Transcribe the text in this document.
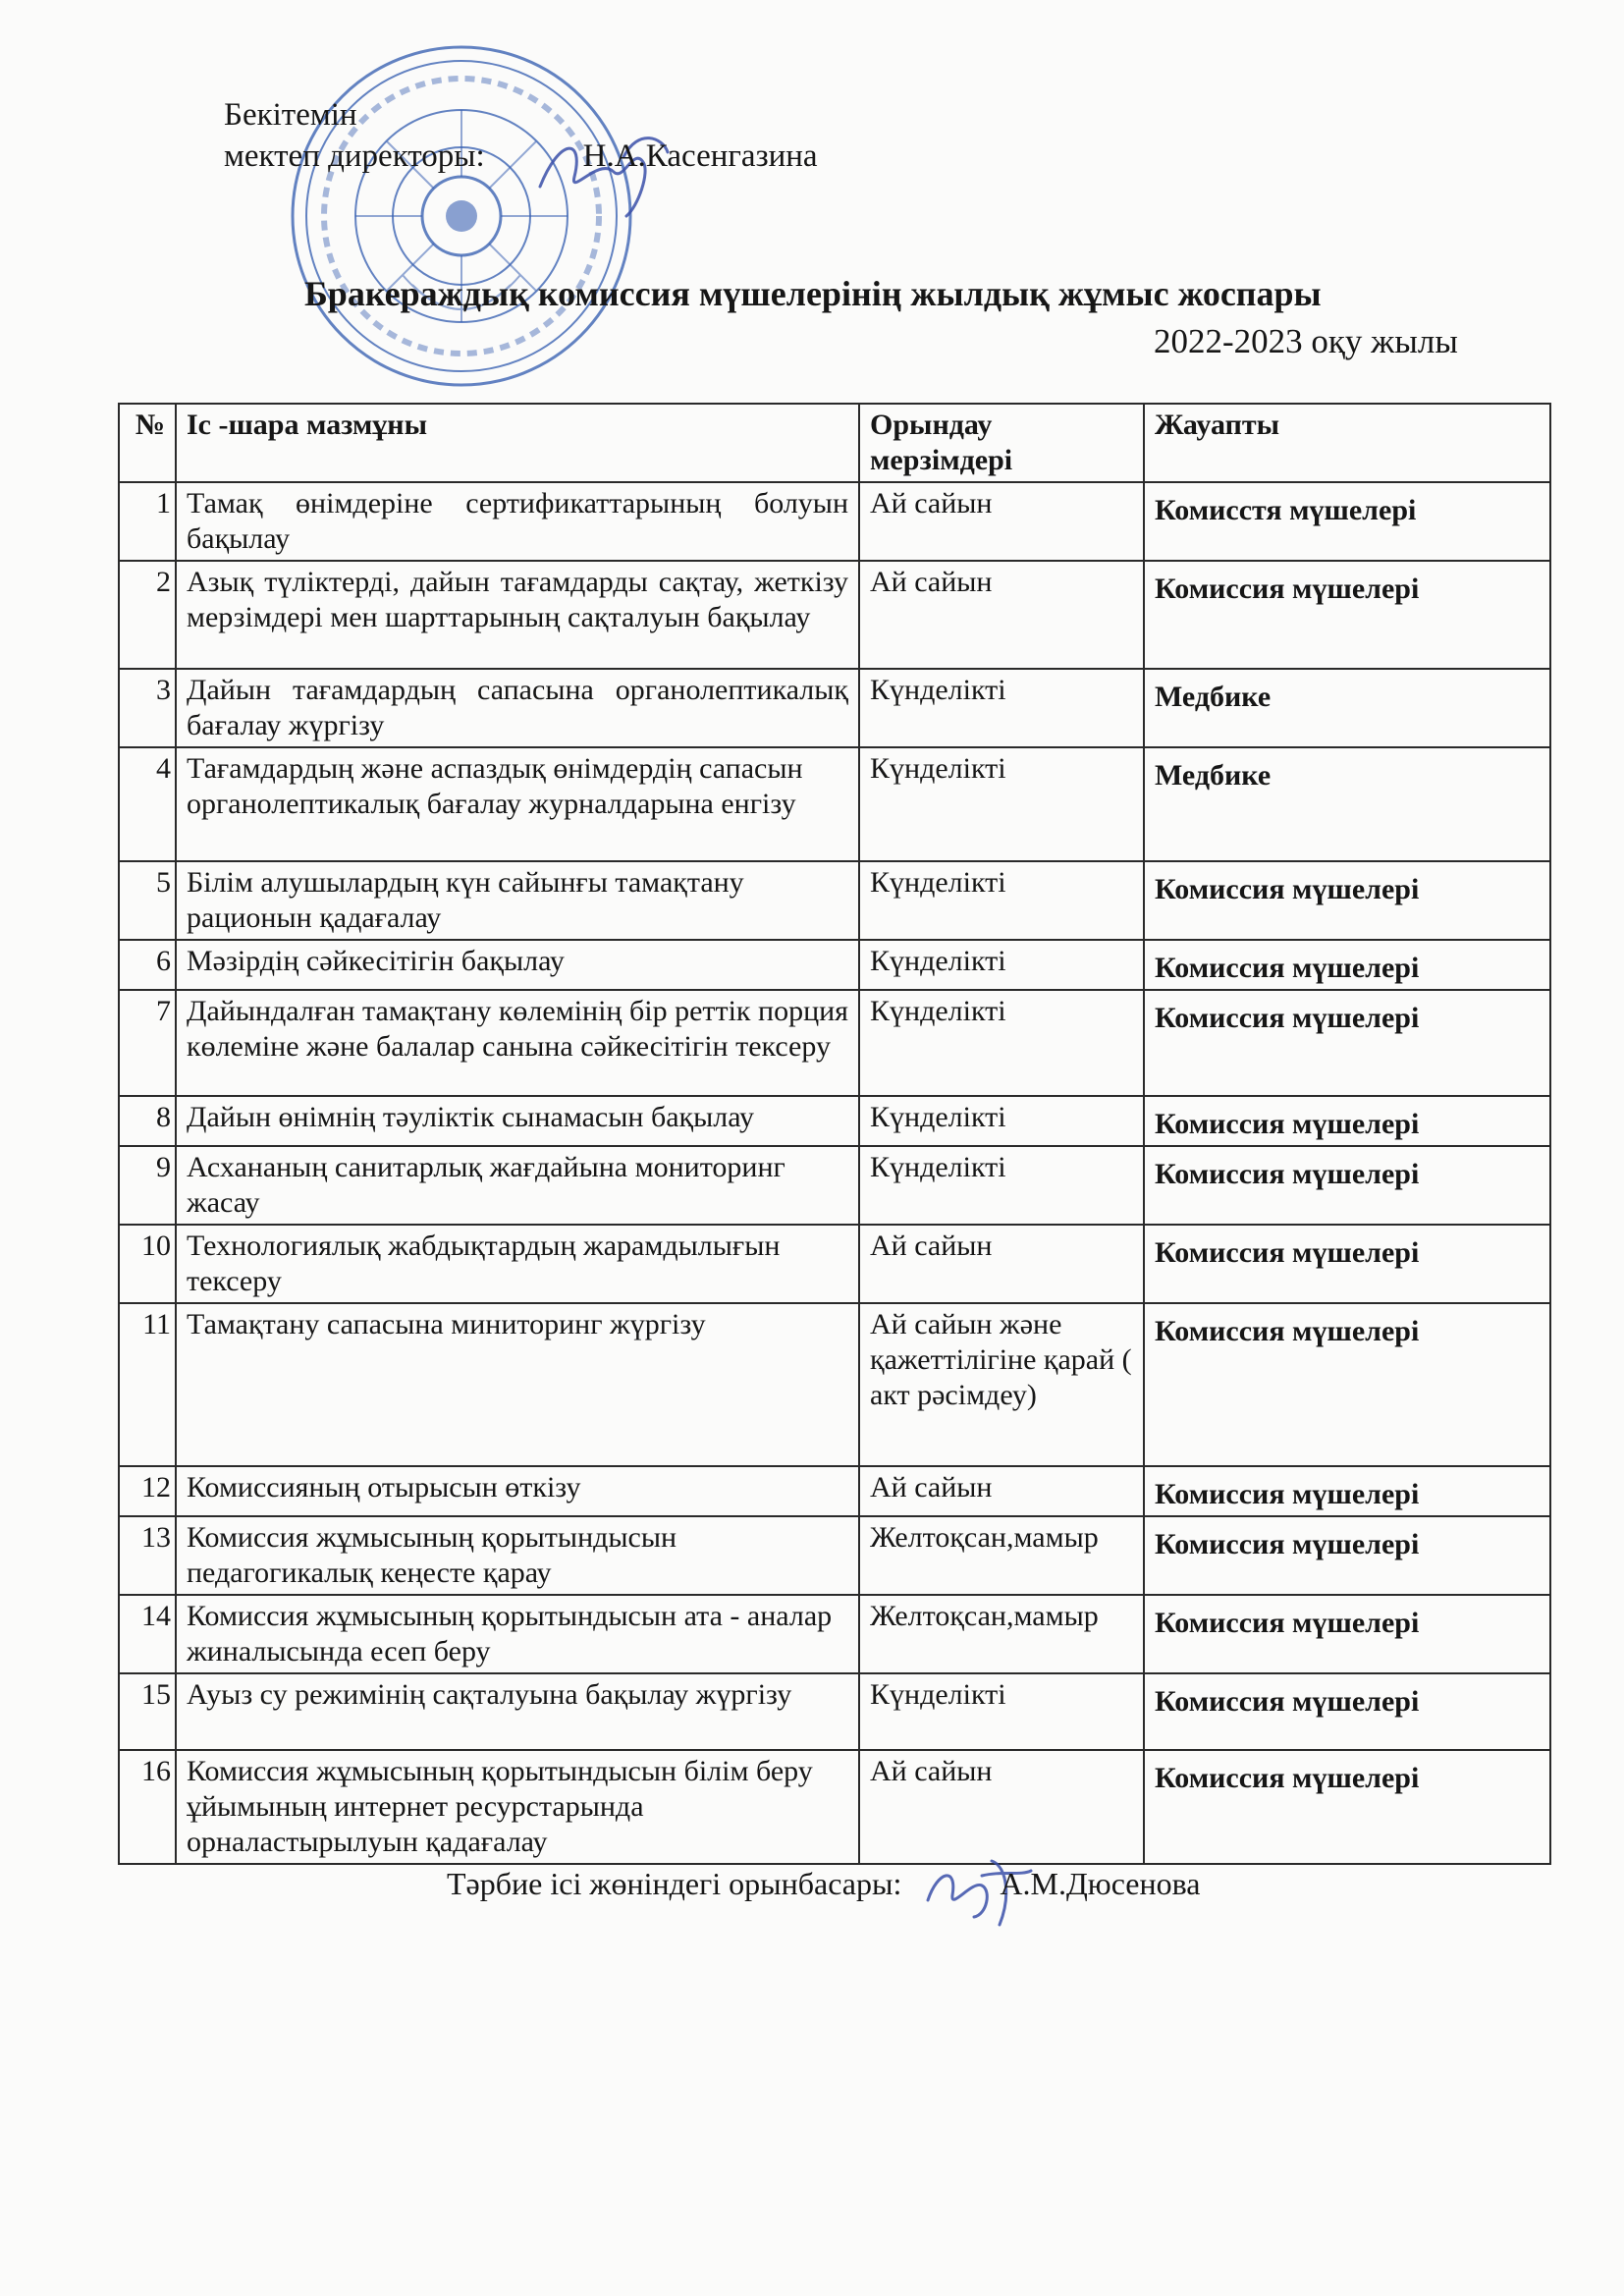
Бекітемін
мектеп директоры:	Н.А.Касенгазина
Бракераждық комиссия мүшелерінің жылдық жұмыс жоспары
2022-2023 оқу жылы
№	Іс -шара мазмұны	Орындау мерзімдері	Жауапты
1	Тамақ өнімдеріне сертификаттарының болуын бақылау	Ай сайын	Комисстя мүшелері
2	Азық түліктерді, дайын тағамдарды сақтау, жеткізу мерзімдері мен шарттарының сақталуын бақылау	Ай сайын	Комиссия мүшелері
3	Дайын тағамдардың сапасына органолептикалық бағалау жүргізу	Күнделікті	Медбике
4	Тағамдардың және аспаздық өнімдердің сапасын органолептикалық бағалау журналдарына енгізу	Күнделікті	Медбике
5	Білім алушылардың күн сайынғы тамақтану рационын қадағалау	Күнделікті	Комиссия мүшелері
6	Мәзірдің сәйкесітігін бақылау	Күнделікті	Комиссия мүшелері
7	Дайындалған тамақтану көлемінің бір реттік порция көлеміне және балалар санына сәйкесітігін тексеру	Күнделікті	Комиссия мүшелері
8	Дайын өнімнің тәуліктік сынамасын бақылау	Күнделікті	Комиссия мүшелері
9	Асхананың санитарлық жағдайына мониторинг жасау	Күнделікті	Комиссия мүшелері
10	Технологиялық жабдықтардың жарамдылығын тексеру	Ай сайын	Комиссия мүшелері
11	Тамақтану сапасына миниторинг жүргізу	Ай сайын және қажеттілігіне қарай ( акт рәсімдеу)	Комиссия мүшелері
12	Комиссияның отырысын өткізу	Ай сайын	Комиссия мүшелері
13	Комиссия жұмысының қорытындысын педагогикалық кеңесте қарау	Желтоқсан,мамыр	Комиссия мүшелері
14	Комиссия жұмысының қорытындысын ата - аналар жиналысында есеп беру	Желтоқсан,мамыр	Комиссия мүшелері
15	Ауыз су режимінің сақталуына бақылау жүргізу	Күнделікті	Комиссия мүшелері
16	Комиссия жұмысының қорытындысын білім беру ұйымының интернет ресурстарында орналастырылуын қадағалау	Ай сайын	Комиссия мүшелері
Тәрбие ісі жөніндегі орынбасары:	А.М.Дюсенова
